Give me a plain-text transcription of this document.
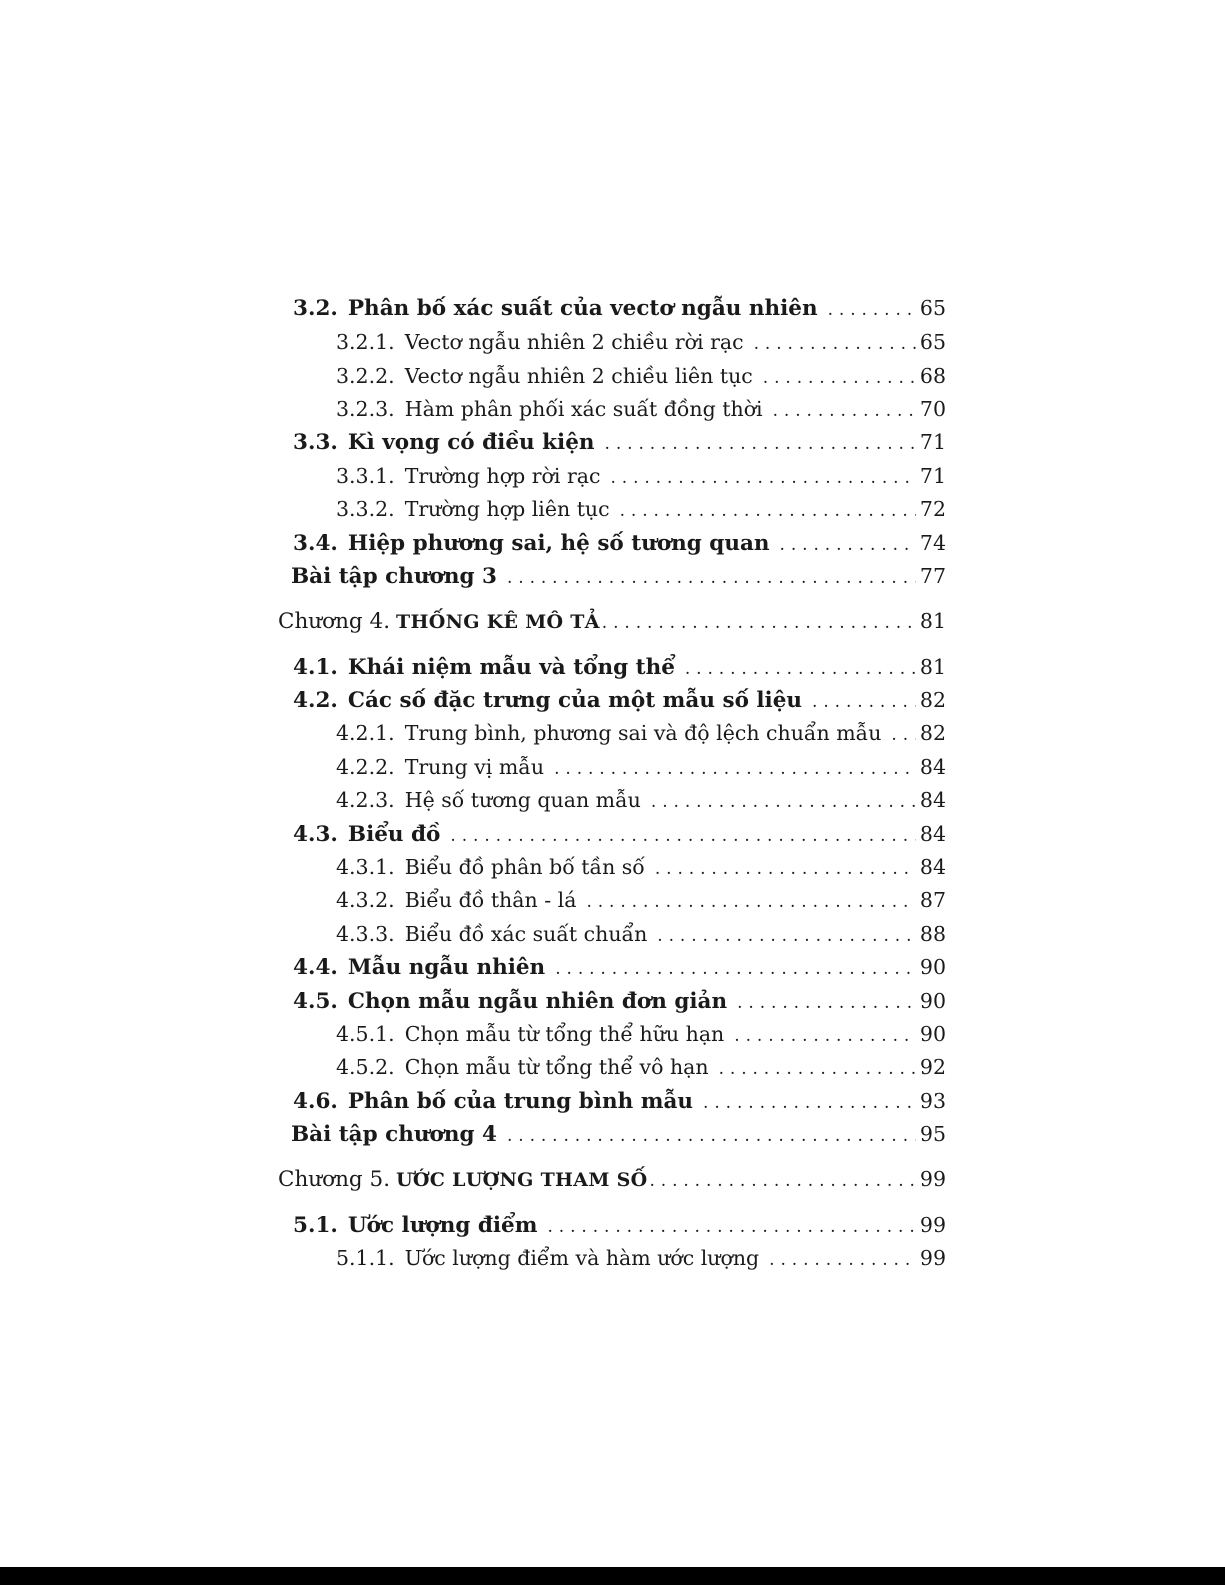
3.2. Phân bố xác suất của vectơ ngẫu nhiên . . .	65
3.2.1. Vectơ ngẫu nhiên 2 chiều rời rạc . . .	65
3.2.2. Vectơ ngẫu nhiên 2 chiều liên tục . . .	68
3.2.3. Hàm phân phối xác suất đồng thời . . .	70
3.3. Kì vọng có điều kiện . . .	71
3.3.1. Trường hợp rời rạc . . .	71
3.3.2. Trường hợp liên tục . . .	72
3.4. Hiệp phương sai, hệ số tương quan . . .	74
Bài tập chương 3 . . .	77
Chương 4. THỐNG KÊ MÔ TẢ . . .	81
4.1. Khái niệm mẫu và tổng thể . . .	81
4.2. Các số đặc trưng của một mẫu số liệu . . .	82
4.2.1. Trung bình, phương sai và độ lệch chuẩn mẫu . . . 82
4.2.2. Trung vị mẫu . . .	84
4.2.3. Hệ số tương quan mẫu . . .	84
4.3. Biểu đồ . . .	84
4.3.1. Biểu đồ phân bố tần số . . .	84
4.3.2. Biểu đồ thân - lá . . .	87
4.3.3. Biểu đồ xác suất chuẩn . . .	88
4.4. Mẫu ngẫu nhiên . . .	90
4.5. Chọn mẫu ngẫu nhiên đơn giản . . .	90
4.5.1. Chọn mẫu từ tổng thể hữu hạn . . .	90
4.5.2. Chọn mẫu từ tổng thể vô hạn . . .	92
4.6. Phân bố của trung bình mẫu . . .	93
Bài tập chương 4 . . .	95
Chương 5. ƯỚC LƯỢNG THAM SỐ . . .	99
5.1. Ước lượng điểm . . .	99
5.1.1. Ước lượng điểm và hàm ước lượng . . .	99
